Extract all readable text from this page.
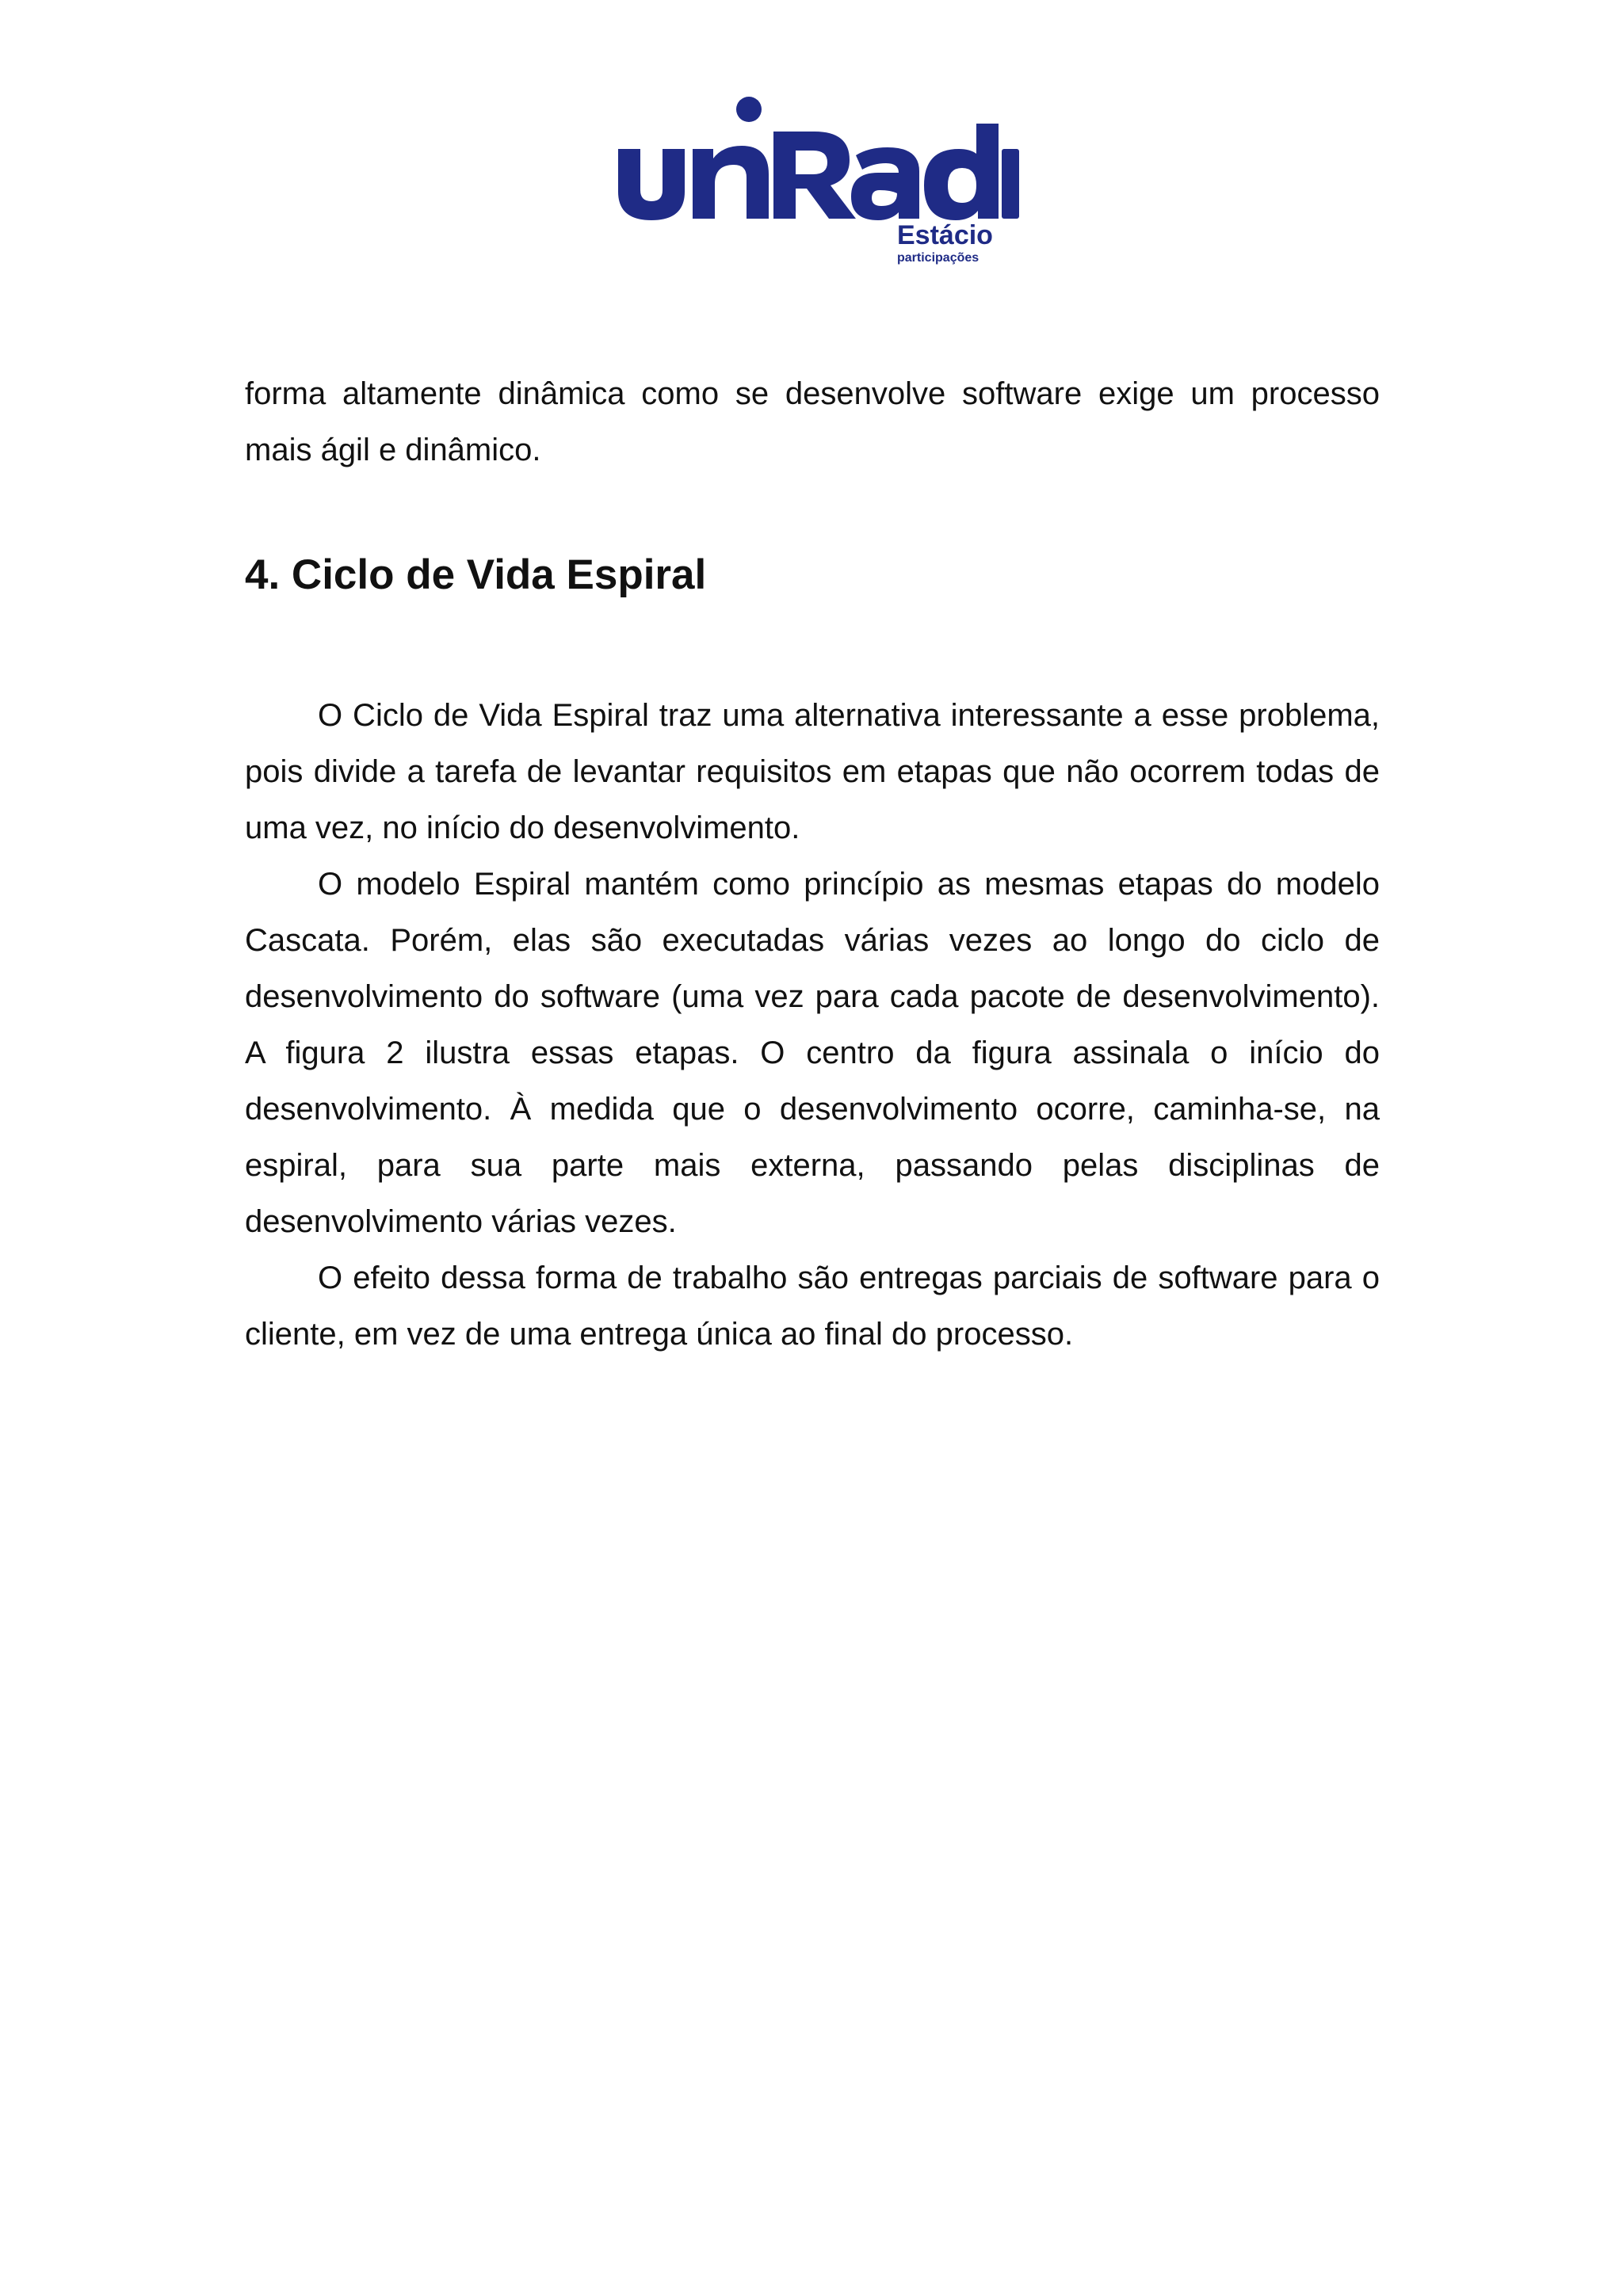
Estácio
participações

forma altamente dinâmica como se desenvolve software exige um processo mais ágil e dinâmico.

4. Ciclo de Vida Espiral

O Ciclo de Vida Espiral traz uma alternativa interessante a esse problema, pois divide a tarefa de levantar requisitos em etapas que não ocorrem todas de uma vez, no início do desenvolvimento.

O modelo Espiral mantém como princípio as mesmas etapas do modelo Cascata. Porém, elas são executadas várias vezes ao longo do ciclo de desenvolvimento do software (uma vez para cada pacote de desenvolvimento). A figura 2 ilustra essas etapas. O centro da figura assinala o início do desenvolvimento. À medida que o desenvolvimento ocorre, caminha-se, na espiral, para sua parte mais externa, passando pelas disciplinas de desenvolvimento várias vezes.

O efeito dessa forma de trabalho são entregas parciais de software para o cliente, em vez de uma entrega única ao final do processo.
